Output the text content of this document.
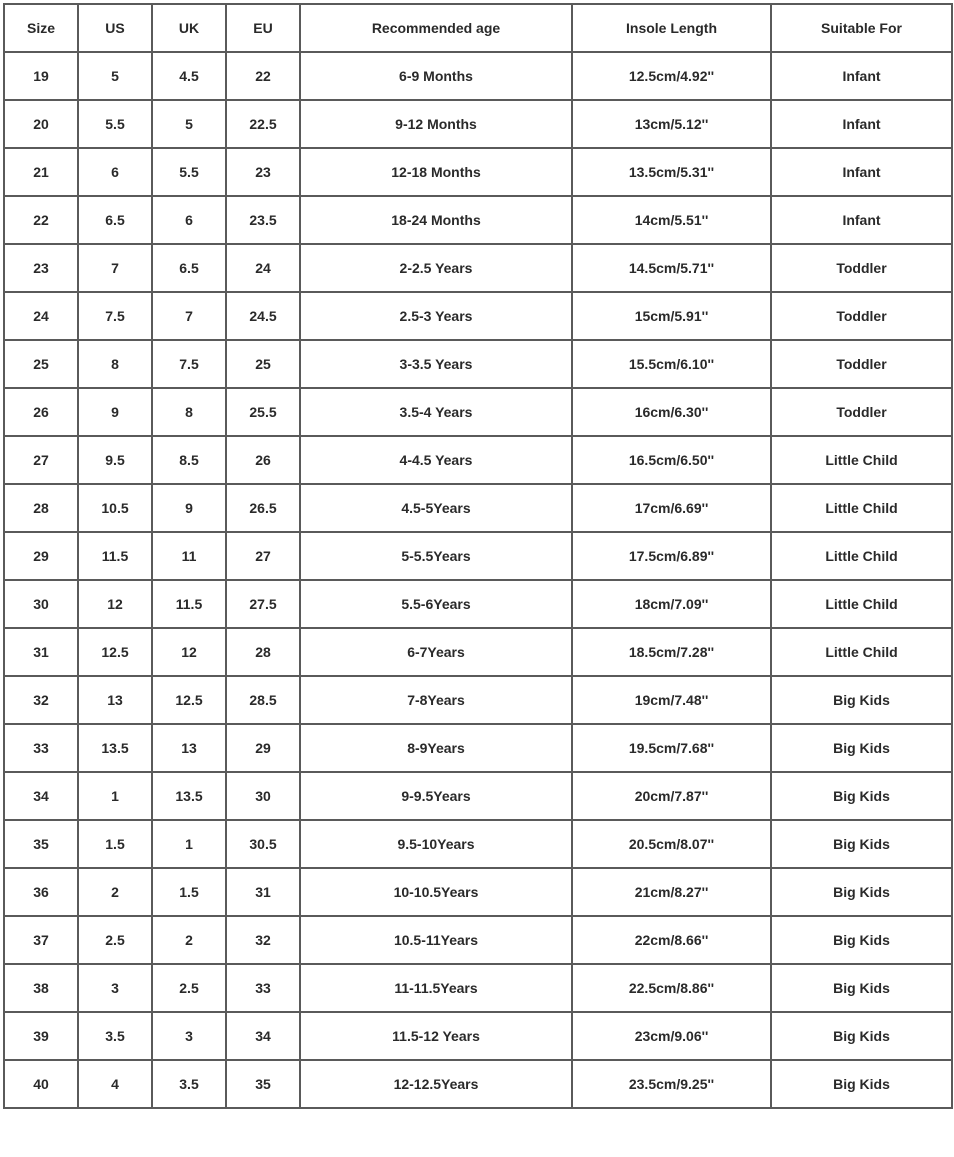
Size	US	UK	EU	Recommended age	Insole Length	Suitable For
19	5	4.5	22	6-9 Months	12.5cm/4.92''	Infant
20	5.5	5	22.5	9-12 Months	13cm/5.12''	Infant
21	6	5.5	23	12-18 Months	13.5cm/5.31''	Infant
22	6.5	6	23.5	18-24 Months	14cm/5.51''	Infant
23	7	6.5	24	2-2.5 Years	14.5cm/5.71''	Toddler
24	7.5	7	24.5	2.5-3 Years	15cm/5.91''	Toddler
25	8	7.5	25	3-3.5 Years	15.5cm/6.10''	Toddler
26	9	8	25.5	3.5-4 Years	16cm/6.30''	Toddler
27	9.5	8.5	26	4-4.5 Years	16.5cm/6.50''	Little Child
28	10.5	9	26.5	4.5-5Years	17cm/6.69''	Little Child
29	11.5	11	27	5-5.5Years	17.5cm/6.89''	Little Child
30	12	11.5	27.5	5.5-6Years	18cm/7.09''	Little Child
31	12.5	12	28	6-7Years	18.5cm/7.28''	Little Child
32	13	12.5	28.5	7-8Years	19cm/7.48''	Big Kids
33	13.5	13	29	8-9Years	19.5cm/7.68''	Big Kids
34	1	13.5	30	9-9.5Years	20cm/7.87''	Big Kids
35	1.5	1	30.5	9.5-10Years	20.5cm/8.07''	Big Kids
36	2	1.5	31	10-10.5Years	21cm/8.27''	Big Kids
37	2.5	2	32	10.5-11Years	22cm/8.66''	Big Kids
38	3	2.5	33	11-11.5Years	22.5cm/8.86''	Big Kids
39	3.5	3	34	11.5-12 Years	23cm/9.06''	Big Kids
40	4	3.5	35	12-12.5Years	23.5cm/9.25''	Big Kids
